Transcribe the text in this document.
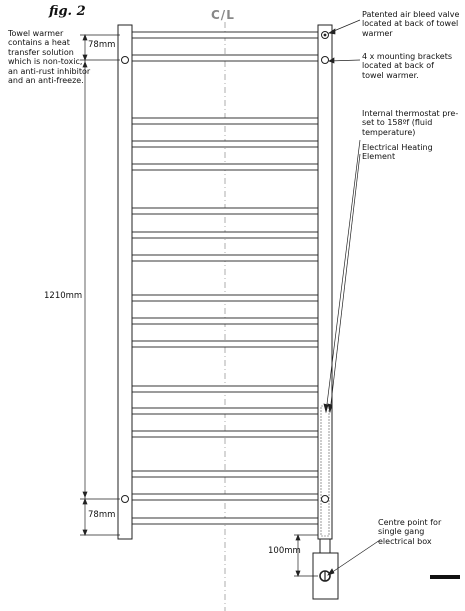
fig. 2	C/L
Towel warmer contains a heat transfer solution which is non-toxic, an anti-rust inhibitor and an anti-freeze.
Patented air bleed valve located at back of towel warmer
4 x mounting brackets located at back of towel warmer.
Internal thermostat pre-set to 158ºf (fluid temperature)
Electrical Heating Element
Centre point for single gang electrical box
78mm
1210mm
78mm
100mm
